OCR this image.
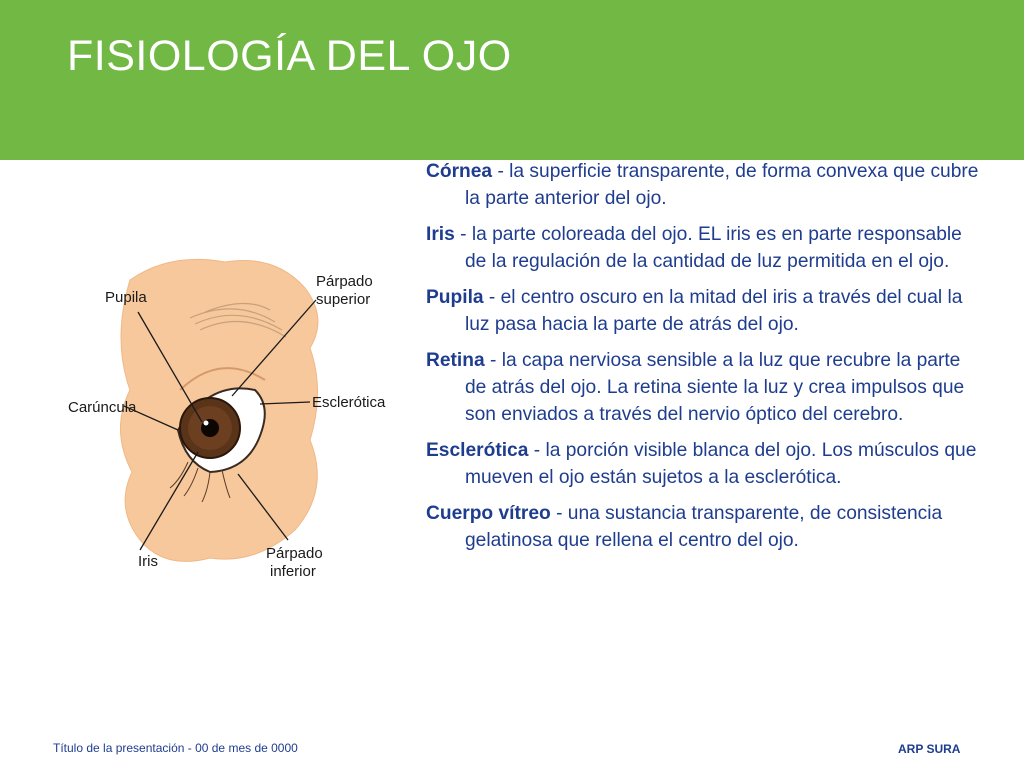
FISIOLOGÍA DEL OJO
Pupila
Párpado
superior
Carúncula	Esclerótica
Iris	Párpado
inferior

Córnea - la superficie transparente, de forma convexa que cubre la parte anterior del ojo.

Iris - la parte coloreada del ojo. EL iris es en parte responsable de la regulación de la cantidad de luz permitida en el ojo.

Pupila - el centro oscuro en la mitad del iris a través del cual la luz pasa hacia la parte de atrás del ojo.

Retina - la capa nerviosa sensible a la luz que recubre la parte de atrás del ojo. La retina siente la luz y crea impulsos que son enviados a través del nervio óptico del cerebro.

Esclerótica - la porción visible blanca del ojo. Los músculos que mueven el ojo están sujetos a la esclerótica.

Cuerpo vítreo - una sustancia transparente, de consistencia gelatinosa que rellena el centro del ojo.

Título de la presentación - 00 de mes de 0000	ARP SURA
